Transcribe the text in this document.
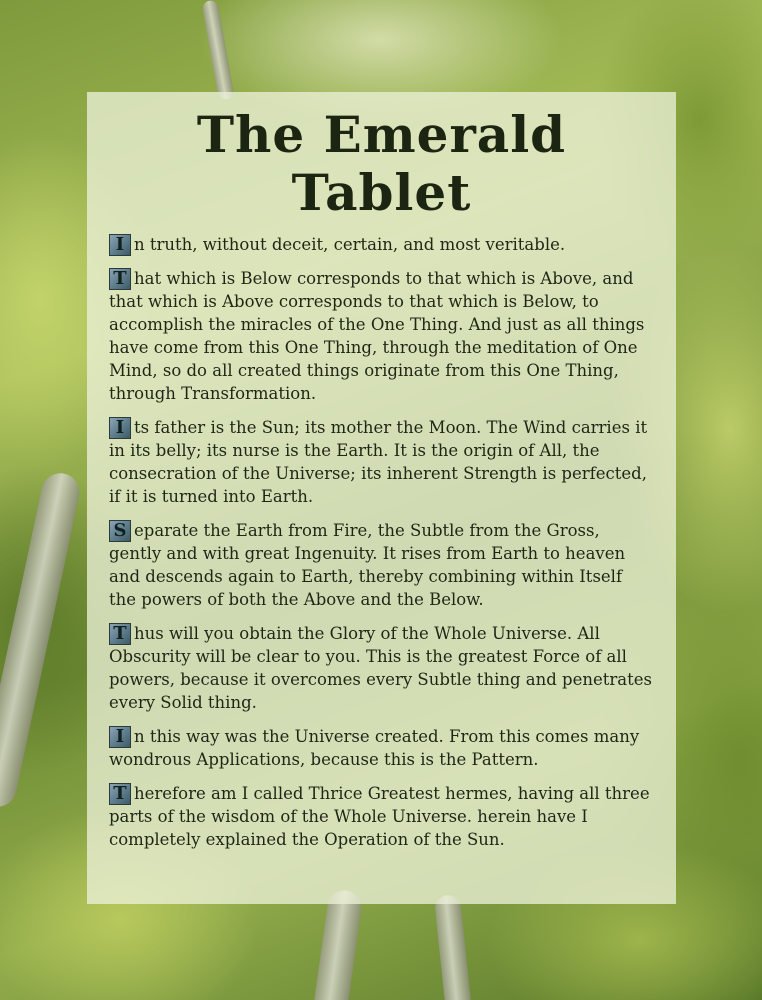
The Emerald Tablet
I n truth, without deceit, certain, and most veritable.
T hat which is Below corresponds to that which is Above, and that which is Above corresponds to that which is Below, to accomplish the miracles of the One Thing. And just as all things have come from this One Thing, through the meditation of One Mind, so do all created things originate from this One Thing, through Transformation.
I ts father is the Sun; its mother the Moon. The Wind carries it in its belly; its nurse is the Earth. It is the origin of All, the consecration of the Universe; its inherent Strength is perfected, if it is turned into Earth.
S eparate the Earth from Fire, the Subtle from the Gross, gently and with great Ingenuity. It rises from Earth to heaven and descends again to Earth, thereby combining within Itself the powers of both the Above and the Below.
T hus will you obtain the Glory of the Whole Universe. All Obscurity will be clear to you. This is the greatest Force of all powers, because it overcomes every Subtle thing and penetrates every Solid thing.
I n this way was the Universe created. From this comes many wondrous Applications, because this is the Pattern.
T herefore am I called Thrice Greatest hermes, having all three parts of the wisdom of the Whole Universe. herein have I completely explained the Operation of the Sun.
